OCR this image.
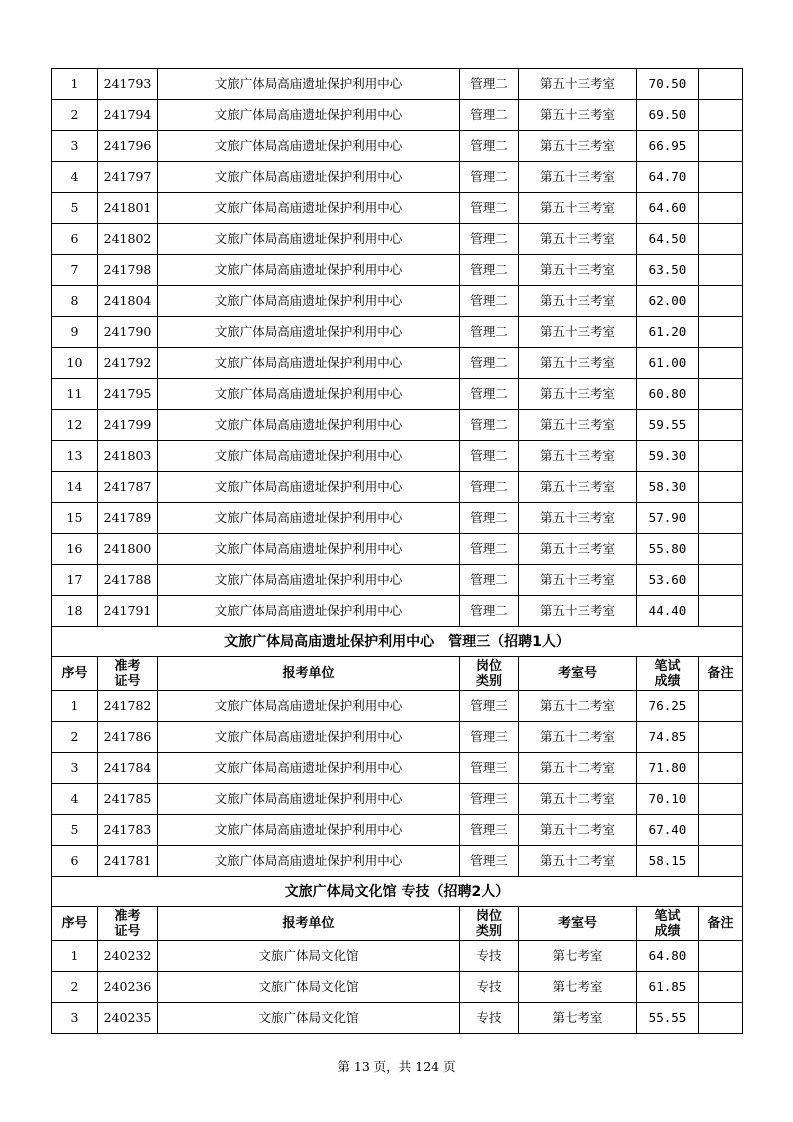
1	241793	文旅广体局高庙遗址保护利用中心	管理二	第五十三考室	70.50	
2	241794	文旅广体局高庙遗址保护利用中心	管理二	第五十三考室	69.50	
3	241796	文旅广体局高庙遗址保护利用中心	管理二	第五十三考室	66.95	
4	241797	文旅广体局高庙遗址保护利用中心	管理二	第五十三考室	64.70	
5	241801	文旅广体局高庙遗址保护利用中心	管理二	第五十三考室	64.60	
6	241802	文旅广体局高庙遗址保护利用中心	管理二	第五十三考室	64.50	
7	241798	文旅广体局高庙遗址保护利用中心	管理二	第五十三考室	63.50	
8	241804	文旅广体局高庙遗址保护利用中心	管理二	第五十三考室	62.00	
9	241790	文旅广体局高庙遗址保护利用中心	管理二	第五十三考室	61.20	
10	241792	文旅广体局高庙遗址保护利用中心	管理二	第五十三考室	61.00	
11	241795	文旅广体局高庙遗址保护利用中心	管理二	第五十三考室	60.80	
12	241799	文旅广体局高庙遗址保护利用中心	管理二	第五十三考室	59.55	
13	241803	文旅广体局高庙遗址保护利用中心	管理二	第五十三考室	59.30	
14	241787	文旅广体局高庙遗址保护利用中心	管理二	第五十三考室	58.30	
15	241789	文旅广体局高庙遗址保护利用中心	管理二	第五十三考室	57.90	
16	241800	文旅广体局高庙遗址保护利用中心	管理二	第五十三考室	55.80	
17	241788	文旅广体局高庙遗址保护利用中心	管理二	第五十三考室	53.60	
18	241791	文旅广体局高庙遗址保护利用中心	管理二	第五十三考室	44.40	
文旅广体局高庙遗址保护利用中心　管理三（招聘1人）						
序号	准考证号	报考单位	岗位类别	考室号	笔试成绩	备注
1	241782	文旅广体局高庙遗址保护利用中心	管理三	第五十二考室	76.25	
2	241786	文旅广体局高庙遗址保护利用中心	管理三	第五十二考室	74.85	
3	241784	文旅广体局高庙遗址保护利用中心	管理三	第五十二考室	71.80	
4	241785	文旅广体局高庙遗址保护利用中心	管理三	第五十二考室	70.10	
5	241783	文旅广体局高庙遗址保护利用中心	管理三	第五十二考室	67.40	
6	241781	文旅广体局高庙遗址保护利用中心	管理三	第五十二考室	58.15	
文旅广体局文化馆 专技（招聘2人）						
序号	准考证号	报考单位	岗位类别	考室号	笔试成绩	备注
1	240232	文旅广体局文化馆	专技	第七考室	64.80	
2	240236	文旅广体局文化馆	专技	第七考室	61.85	
3	240235	文旅广体局文化馆	专技	第七考室	55.55	
第 13 页，共 124 页
